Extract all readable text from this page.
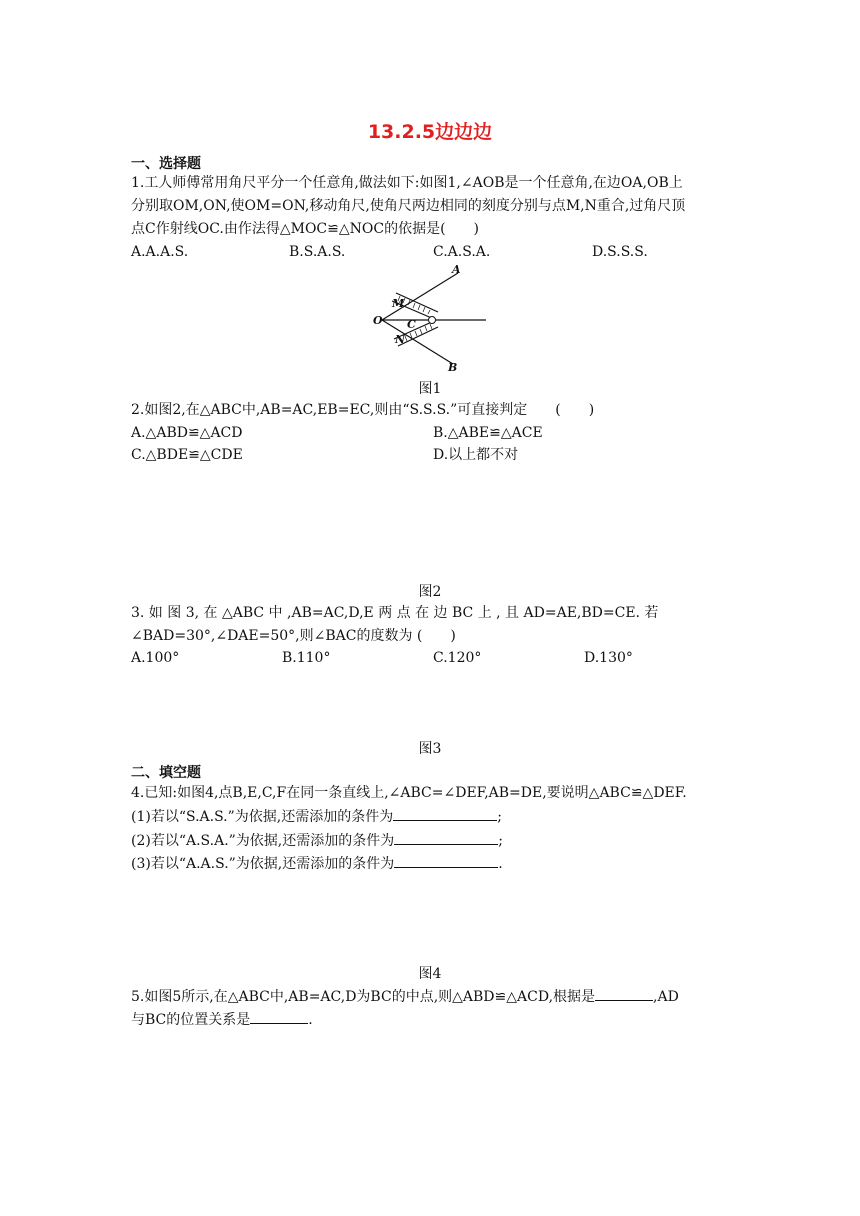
13.2.5边边边
一、选择题
1.工人师傅常用角尺平分一个任意角,做法如下:如图1,∠AOB是一个任意角,在边OA,OB上
分别取OM,ON,使OM=ON,移动角尺,使角尺两边相同的刻度分别与点M,N重合,过角尺顶
点C作射线OC.由作法得△MOC≌△NOC的依据是(　　)
A.A.A.S.	B.S.A.S.	C.A.S.A.	D.S.S.S.
A
M
O C
N
B
图1
2.如图2,在△ABC中,AB=AC,EB=EC,则由“S.S.S.”可直接判定　　(　　)
A.△ABD≌△ACD	B.△ABE≌△ACE
C.△BDE≌△CDE	D.以上都不对
图2
3. 如 图 3, 在 △ABC 中 ,AB=AC,D,E 两 点 在 边 BC 上 , 且 AD=AE,BD=CE. 若
∠BAD=30°,∠DAE=50°,则∠BAC的度数为 (　　)
A.100°	B.110°	C.120°	D.130°
图3
二、填空题
4.已知:如图4,点B,E,C,F在同一条直线上,∠ABC=∠DEF,AB=DE,要说明△ABC≌△DEF.
(1)若以“S.A.S.”为依据,还需添加的条件为	;
(2)若以“A.S.A.”为依据,还需添加的条件为	;
(3)若以“A.A.S.”为依据,还需添加的条件为	.
图4
5.如图5所示,在△ABC中,AB=AC,D为BC的中点,则△ABD≌△ACD,根据是	,AD
与BC的位置关系是	.
